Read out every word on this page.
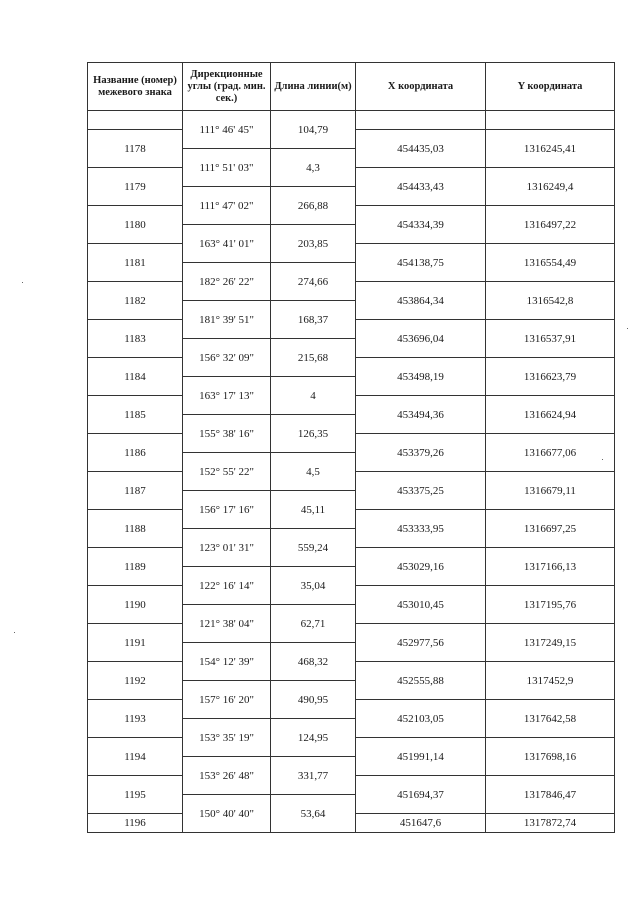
Название (номер) межевого знака	Дирекционные углы (град. мин. сек.)	Длина линии(м)	X координата	Y координата
	111° 46' 45"	104,79		
1178			454435,03	1316245,41
	111° 51' 03"	4,3		
1179			454433,43	1316249,4
	111° 47' 02"	266,88		
1180			454334,39	1316497,22
	163° 41' 01"	203,85		
1181			454138,75	1316554,49
	182° 26' 22"	274,66		
1182			453864,34	1316542,8
	181° 39' 51"	168,37		
1183			453696,04	1316537,91
	156° 32' 09"	215,68		
1184			453498,19	1316623,79
	163° 17' 13"	4		
1185			453494,36	1316624,94
	155° 38' 16"	126,35		
1186			453379,26	1316677,06
	152° 55' 22"	4,5		
1187			453375,25	1316679,11
	156° 17' 16"	45,11		
1188			453333,95	1316697,25
	123° 01' 31"	559,24		
1189			453029,16	1317166,13
	122° 16' 14"	35,04		
1190			453010,45	1317195,76
	121° 38' 04"	62,71		
1191			452977,56	1317249,15
	154° 12' 39"	468,32		
1192			452555,88	1317452,9
	157° 16' 20"	490,95		
1193			452103,05	1317642,58
	153° 35' 19"	124,95		
1194			451991,14	1317698,16
	153° 26' 48"	331,77		
1195			451694,37	1317846,47
	150° 40' 40"	53,64		
1196			451647,6	1317872,74
